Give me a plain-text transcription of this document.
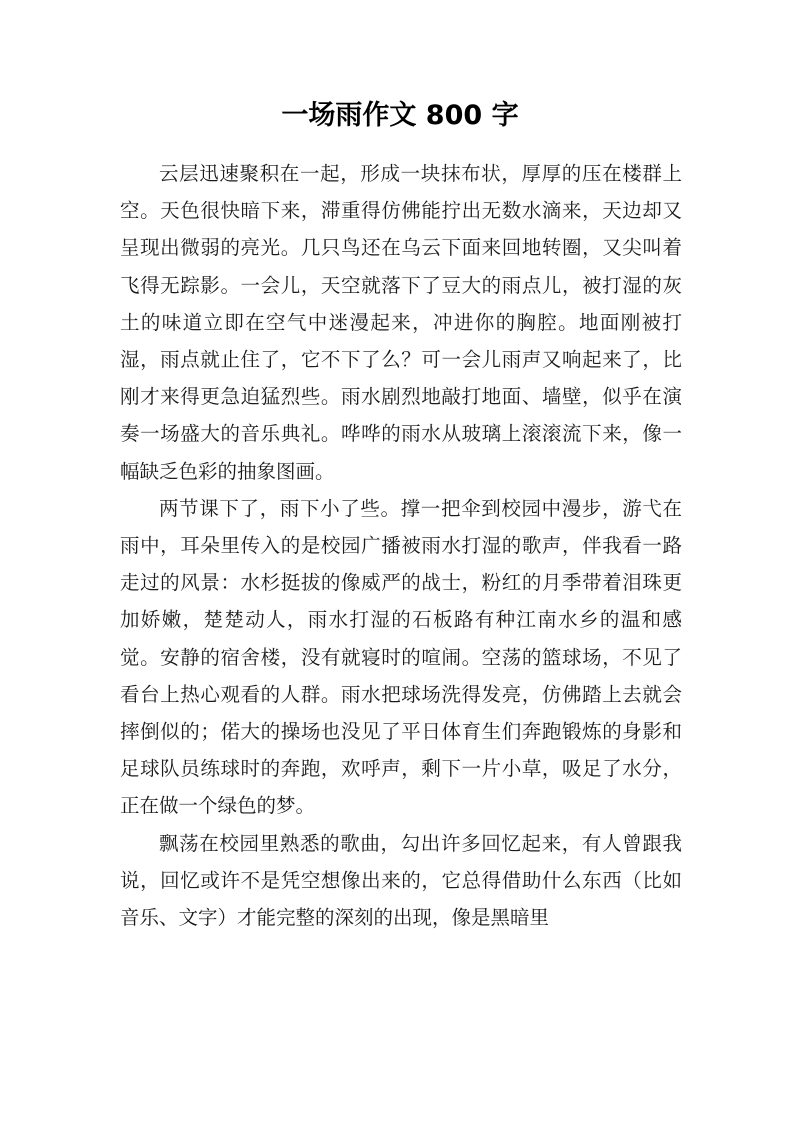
一场雨作文 800 字

云层迅速聚积在一起，形成一块抹布状，厚厚的压在楼群上空。天色很快暗下来，滞重得仿佛能拧出无数水滴来，天边却又呈现出微弱的亮光。几只鸟还在乌云下面来回地转圈，又尖叫着飞得无踪影。一会儿，天空就落下了豆大的雨点儿，被打湿的灰土的味道立即在空气中迷漫起来，冲进你的胸腔。地面刚被打湿，雨点就止住了，它不下了么？可一会儿雨声又响起来了，比刚才来得更急迫猛烈些。雨水剧烈地敲打地面、墙壁，似乎在演奏一场盛大的音乐典礼。哗哗的雨水从玻璃上滚滚流下来，像一幅缺乏色彩的抽象图画。

两节课下了，雨下小了些。撑一把伞到校园中漫步，游弋在雨中，耳朵里传入的是校园广播被雨水打湿的歌声，伴我看一路走过的风景：水杉挺拔的像威严的战士，粉红的月季带着泪珠更加娇嫩，楚楚动人，雨水打湿的石板路有种江南水乡的温和感觉。安静的宿舍楼，没有就寝时的喧闹。空荡的篮球场，不见了看台上热心观看的人群。雨水把球场洗得发亮，仿佛踏上去就会摔倒似的；偌大的操场也没见了平日体育生们奔跑锻炼的身影和足球队员练球时的奔跑，欢呼声，剩下一片小草，吸足了水分，正在做一个绿色的梦。

飘荡在校园里熟悉的歌曲，勾出许多回忆起来，有人曾跟我说，回忆或许不是凭空想像出来的，它总得借助什么东西（比如音乐、文字）才能完整的深刻的出现，像是黑暗里
